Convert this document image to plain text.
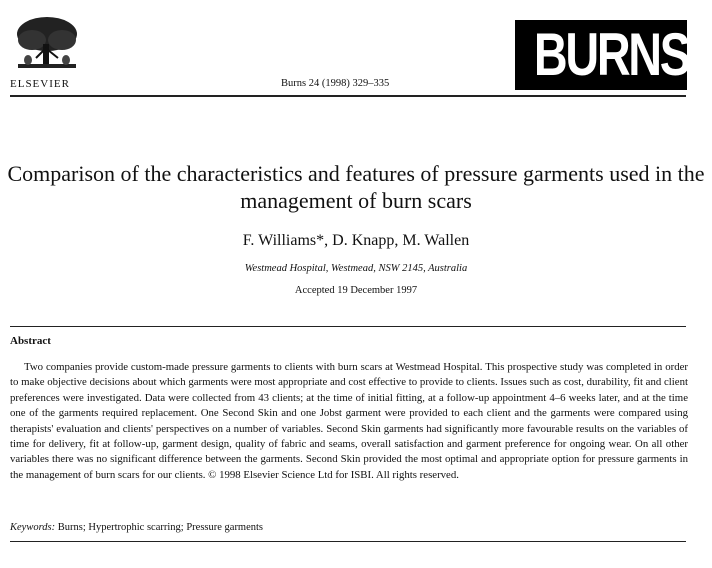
ELSEVIER	Burns 24 (1998) 329–335 BURNS
Comparison of the characteristics and features of pressure garments used in the management of burn scars
F. Williams*, D. Knapp, M. Wallen
Westmead Hospital, Westmead, NSW 2145, Australia
Accepted 19 December 1997
Abstract

Two companies provide custom-made pressure garments to clients with burn scars at Westmead Hospital. This prospective study was completed in order to make objective decisions about which garments were most appropriate and cost effective to provide to clients. Issues such as cost, durability, fit and client preferences were investigated. Data were collected from 43 clients; at the time of initial fitting, at a follow-up appointment 4–6 weeks later, and at the time one of the garments required replacement. One Second Skin and one Jobst garment were provided to each client and the garments were compared using therapists' evaluation and clients' perspectives on a number of variables. Second Skin garments had significantly more favourable results on the variables of time for delivery, fit at follow-up, garment design, quality of fabric and seams, overall satisfaction and garment preference for ongoing wear. On all other variables there was no significant difference between the garments. Second Skin provided the most optimal and appropriate option for pressure garments in the management of burn scars for our clients. © 1998 Elsevier Science Ltd for ISBI. All rights reserved.

Keywords: Burns; Hypertrophic scarring; Pressure garments
